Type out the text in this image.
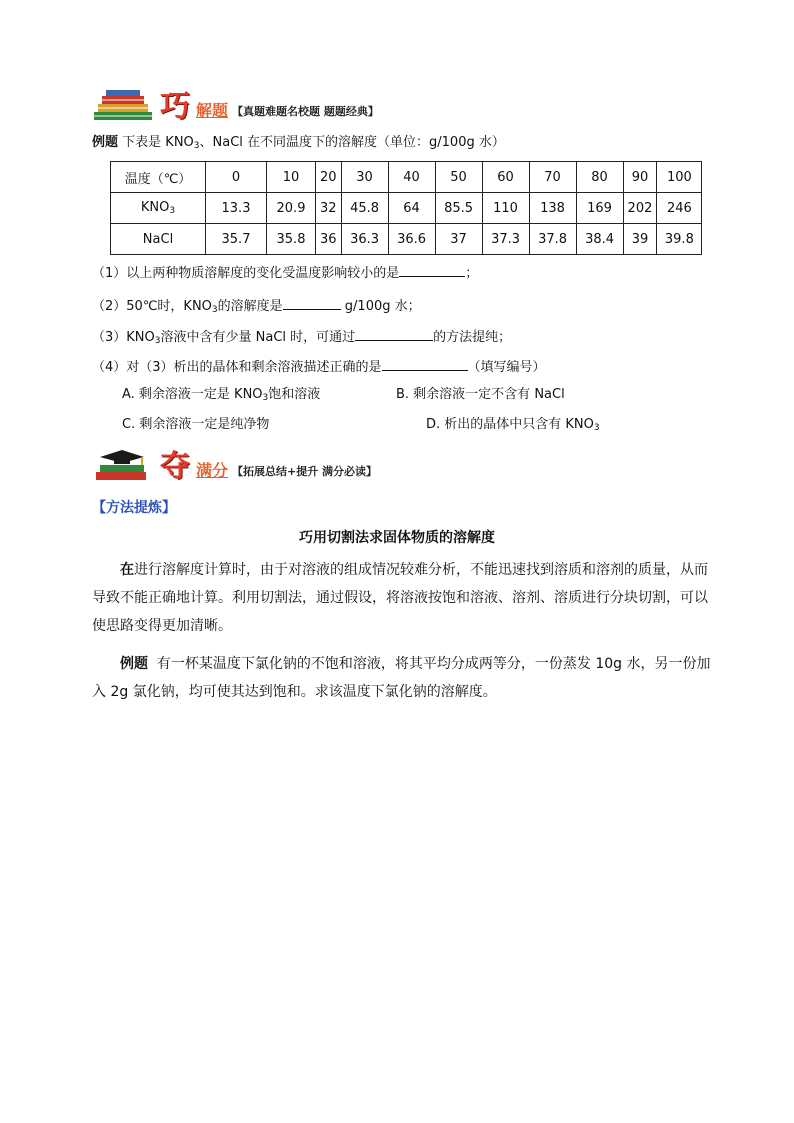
巧 解题 【真题难题名校题 题题经典】
例题 下表是 $KNO_3$、NaCl 在不同温度下的溶解度（单位：g/100g 水）
温度（℃）	0	10	20	30	40	50	60	70	80	90	100
$KNO_3$	13.3	20.9	32	45.8	64	85.5	110	138	169	202	246
NaCl	35.7	35.8	36	36.3	36.6	37	37.3	37.8	38.4	39	39.8
（1）以上两种物质溶解度的变化受温度影响较小的是	；
（2）50℃时，$KNO_3$的溶解度是	g/100g 水；
$(3)KNO_3$溶液中含有少量 NaCl 时，可通过	的方法提纯；
（4）对（3）析出的晶体和剩余溶液描述正确的是	（填写编号）
A. 剩余溶液一定是 $KNO_3$饱和溶液	B. 剩余溶液一定不含有 NaCl
C. 剩余溶液一定是纯净物	D. 析出的晶体中只含有 $KNO_3$
夺 满分 【拓展总结+提升 满分必读】
【方法提炼】
巧用切割法求固体物质的溶解度
在进行溶解度计算时，由于对溶液的组成情况较难分析，不能迅速找到溶质和溶剂的质量，从而导致不能正确地计算。利用切割法，通过假设，将溶液按饱和溶液、溶剂、溶质进行分块切割，可以使思路变得更加清晰。
例题 有一杯某温度下氯化钠的不饱和溶液，将其平均分成两等分，一份蒸发 10g 水，另一份加入 2g 氯化钠，均可使其达到饱和。求该温度下氯化钠的溶解度。
